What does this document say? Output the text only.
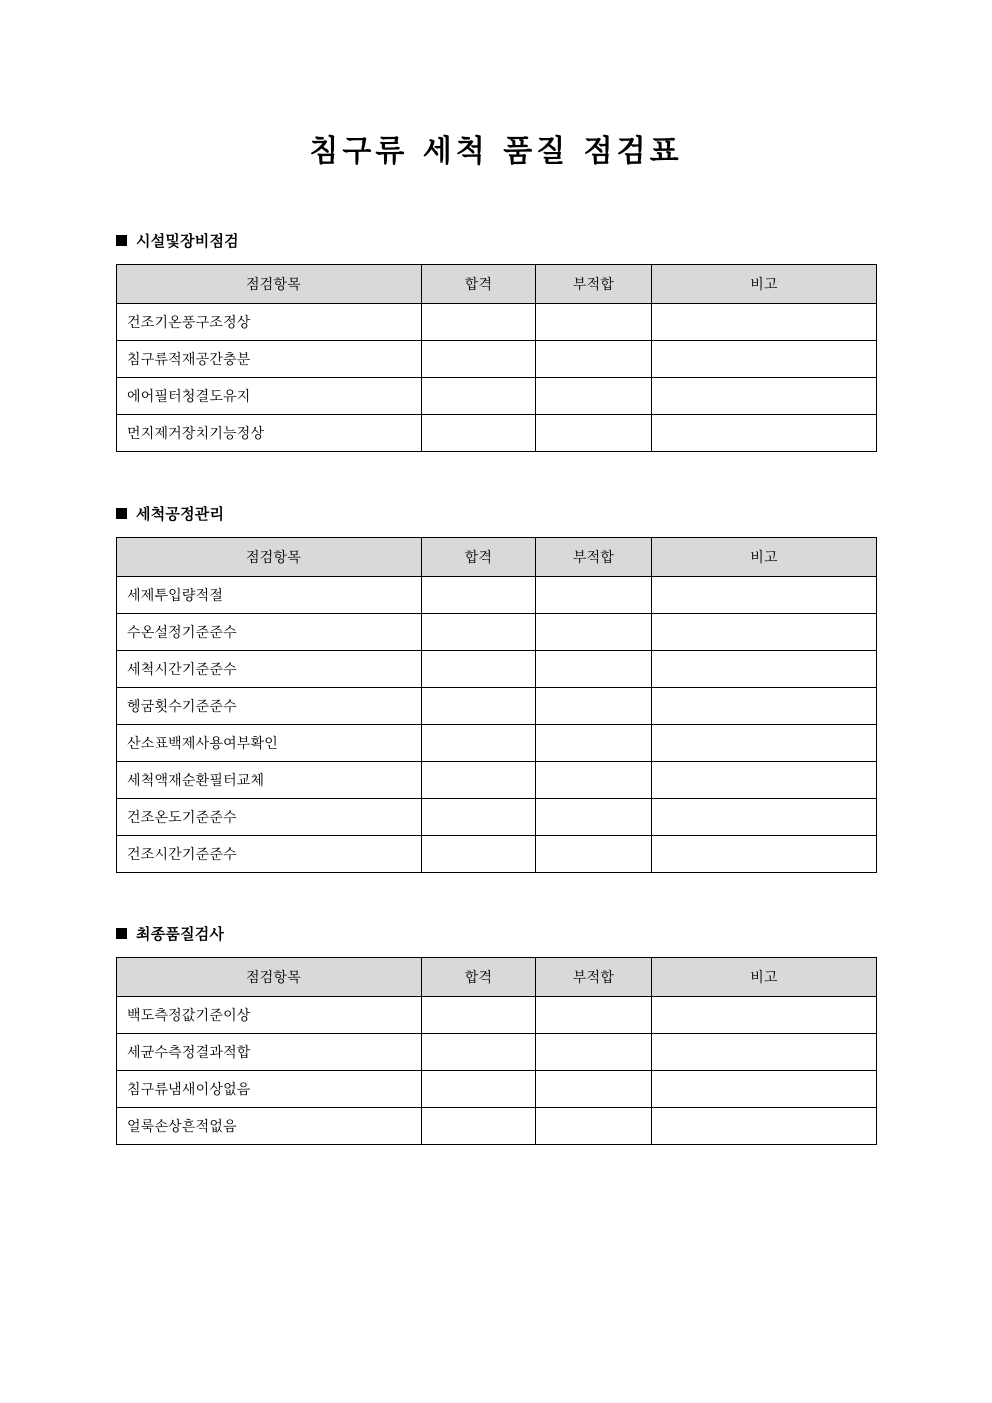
침구류 세척 품질 점검표
시설및장비점검
점검항목	합격	부적합	비고
건조기온풍구조정상			
침구류적재공간충분			
에어필터청결도유지			
먼지제거장치기능정상			
세척공정관리
점검항목	합격	부적합	비고
세제투입량적절			
수온설정기준준수			
세척시간기준준수			
헹굼횟수기준준수			
산소표백제사용여부확인			
세척액재순환필터교체			
건조온도기준준수			
건조시간기준준수			
최종품질검사
점검항목	합격	부적합	비고
백도측정값기준이상			
세균수측정결과적합			
침구류냄새이상없음			
얼룩손상흔적없음			
